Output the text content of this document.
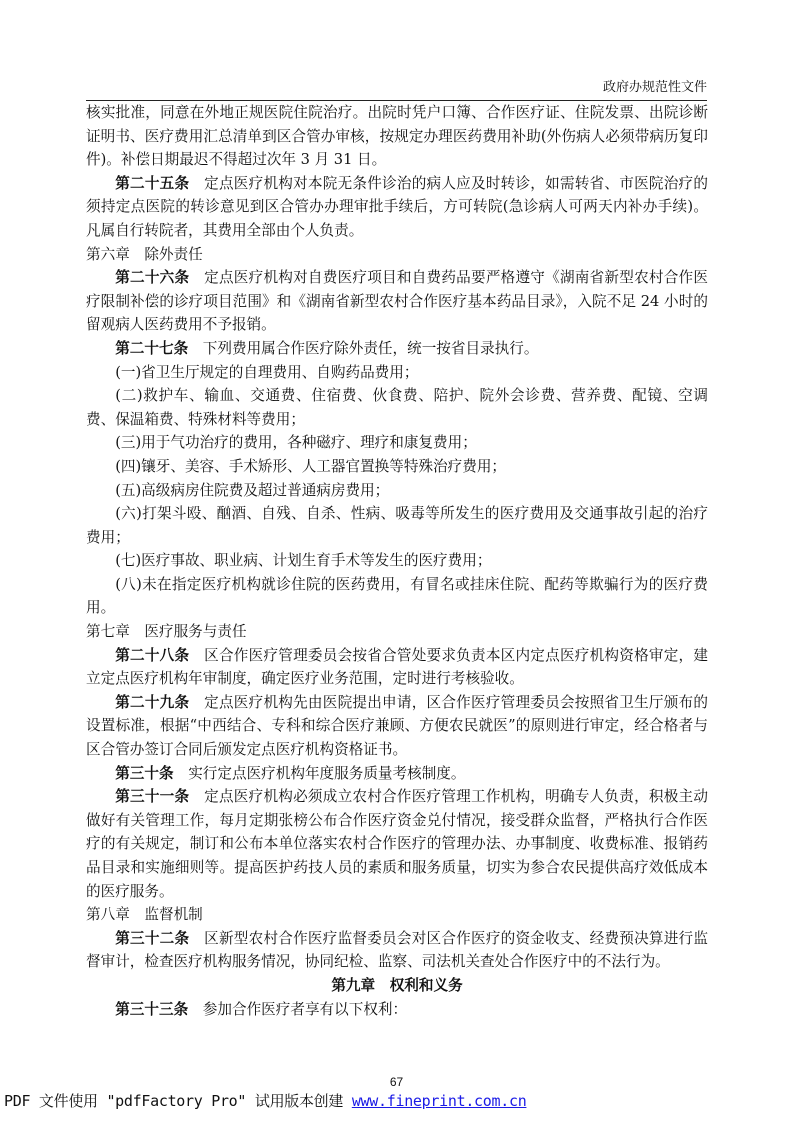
政府办规范性文件

核实批准，同意在外地正规医院住院治疗。出院时凭户口簿、合作医疗证、住院发票、出院诊断证明书、医疗费用汇总清单到区合管办审核，按规定办理医药费用补助(外伤病人必须带病历复印件)。补偿日期最迟不得超过次年 3 月 31 日。

第二十五条　 定点医疗机构对本院无条件诊治的病人应及时转诊，如需转省、市医院治疗的须持定点医院的转诊意见到区合管办办理审批手续后，方可转院(急诊病人可两天内补办手续)。凡属自行转院者，其费用全部由个人负责。

第六章　除外责任

第二十六条　 定点医疗机构对自费医疗项目和自费药品要严格遵守《湖南省新型农村合作医疗限制补偿的诊疗项目范围》和《湖南省新型农村合作医疗基本药品目录》，入院不足 24 小时的留观病人医药费用不予报销。

第二十七条　 下列费用属合作医疗除外责任，统一按省目录执行。

(一)省卫生厅规定的自理费用、自购药品费用；

(二)救护车、输血、交通费、住宿费、伙食费、陪护、院外会诊费、营养费、配镜、空调费、保温箱费、特殊材料等费用；

(三)用于气功治疗的费用，各种磁疗、理疗和康复费用；

(四)镶牙、美容、手术矫形、人工器官置换等特殊治疗费用；

(五)高级病房住院费及超过普通病房费用；

(六)打架斗殴、酗酒、自残、自杀、性病、吸毒等所发生的医疗费用及交通事故引起的治疗费用；

(七)医疗事故、职业病、计划生育手术等发生的医疗费用；

(八)未在指定医疗机构就诊住院的医药费用，有冒名或挂床住院、配药等欺骗行为的医疗费用。

第七章　医疗服务与责任

第二十八条　 区合作医疗管理委员会按省合管处要求负责本区内定点医疗机构资格审定，建立定点医疗机构年审制度，确定医疗业务范围，定时进行考核验收。

第二十九条　 定点医疗机构先由医院提出申请，区合作医疗管理委员会按照省卫生厅颁布的设置标准，根据“中西结合、专科和综合医疗兼顾、方便农民就医”的原则进行审定，经合格者与区合管办签订合同后颁发定点医疗机构资格证书。

第三十条　 实行定点医疗机构年度服务质量考核制度。

第三十一条　 定点医疗机构必须成立农村合作医疗管理工作机构，明确专人负责，积极主动做好有关管理工作，每月定期张榜公布合作医疗资金兑付情况，接受群众监督，严格执行合作医疗的有关规定，制订和公布本单位落实农村合作医疗的管理办法、办事制度、收费标准、报销药品目录和实施细则等。提高医护药技人员的素质和服务质量，切实为参合农民提供高疗效低成本的医疗服务。

第八章　监督机制

第三十二条　 区新型农村合作医疗监督委员会对区合作医疗的资金收支、经费预决算进行监督审计，检查医疗机构服务情况，协同纪检、监察、司法机关查处合作医疗中的不法行为。

第九章　权利和义务

第三十三条　 参加合作医疗者享有以下权利：

67
PDF 文件使用 "pdfFactory Pro" 试用版本创建 www.fineprint.com.cn
